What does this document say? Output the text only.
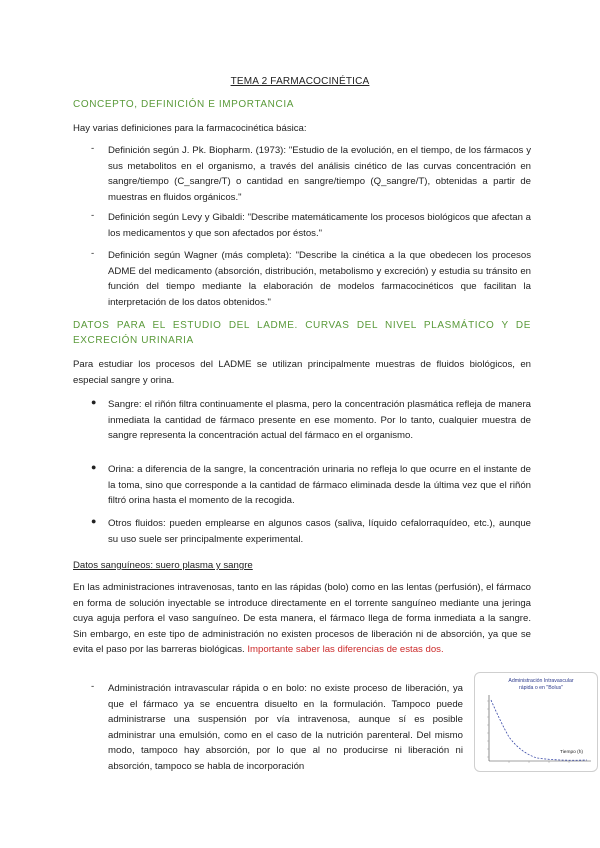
TEMA 2 FARMACOCINÉTICA
CONCEPTO, DEFINICIÓN E IMPORTANCIA
Hay varias definiciones para la farmacocinética básica:
- Definición según J. Pk. Biopharm. (1973): "Estudio de la evolución, en el tiempo, de los fármacos y sus metabolitos en el organismo, a través del análisis cinético de las curvas concentración en sangre/tiempo (C_sangre/T) o cantidad en sangre/tiempo (Q_sangre/T), obtenidas a partir de muestras en fluidos orgánicos."
- Definición según Levy y Gibaldi: "Describe matemáticamente los procesos biológicos que afectan a los medicamentos y que son afectados por éstos."
- Definición según Wagner (más completa): "Describe la cinética a la que obedecen los procesos ADME del medicamento (absorción, distribución, metabolismo y excreción) y estudia su tránsito en función del tiempo mediante la elaboración de modelos farmacocinéticos que facilitan la interpretación de los datos obtenidos."
DATOS PARA EL ESTUDIO DEL LADME. CURVAS DEL NIVEL PLASMÁTICO Y DE EXCRECIÓN URINARIA
Para estudiar los procesos del LADME se utilizan principalmente muestras de fluidos biológicos, en especial sangre y orina.
● Sangre: el riñón filtra continuamente el plasma, pero la concentración plasmática refleja de manera inmediata la cantidad de fármaco presente en ese momento. Por lo tanto, cualquier muestra de sangre representa la concentración actual del fármaco en el organismo.
● Orina: a diferencia de la sangre, la concentración urinaria no refleja lo que ocurre en el instante de la toma, sino que corresponde a la cantidad de fármaco eliminada desde la última vez que el riñón filtró orina hasta el momento de la recogida.
● Otros fluidos: pueden emplearse en algunos casos (saliva, líquido cefalorraquídeo, etc.), aunque su uso suele ser principalmente experimental.
Datos sanguíneos: suero plasma y sangre
En las administraciones intravenosas, tanto en las rápidas (bolo) como en las lentas (perfusión), el fármaco en forma de solución inyectable se introduce directamente en el torrente sanguíneo mediante una jeringa cuya aguja perfora el vaso sanguíneo. De esta manera, el fármaco llega de forma inmediata a la sangre. Sin embargo, en este tipo de administración no existen procesos de liberación ni de absorción, ya que se evita el paso por las barreras biológicas. Importante saber las diferencias de estas dos.
- Administración intravascular rápida o en bolo: no existe proceso de liberación, ya que el fármaco ya se encuentra disuelto en la formulación. Tampoco puede administrarse una suspensión por vía intravenosa, aunque sí es posible administrar una emulsión, como en el caso de la nutrición parenteral. Del mismo modo, tampoco hay absorción, por lo que al no producirse ni liberación ni absorción, tampoco se habla de incorporación
Administración Intravascular
rápida o en "Bolus"
Tiempo (h)
